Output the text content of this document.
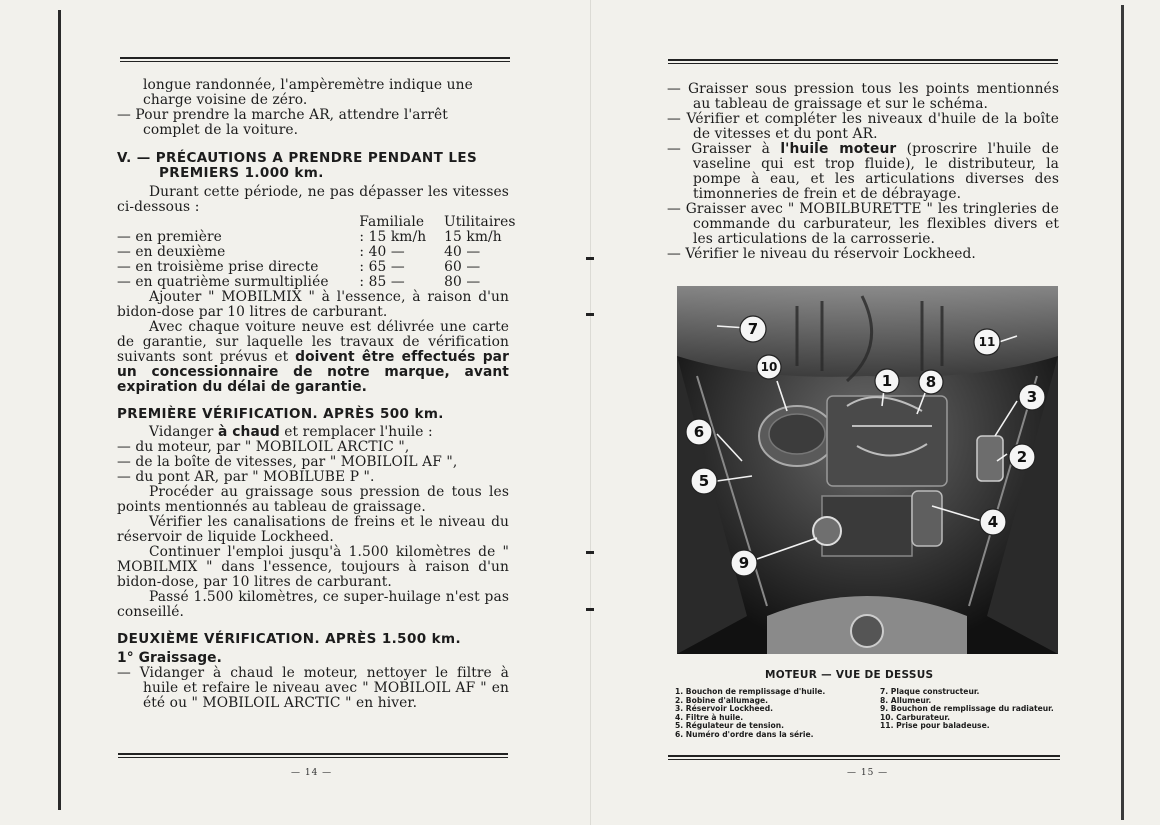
longue randonnée, l'ampèremètre indique une charge voisine de zéro.

— Pour prendre la marche AR, attendre l'arrêt complet de la voiture.

V. — PRÉCAUTIONS A PRENDRE PENDANT LES PREMIERS 1.000 km.

Durant cette période, ne pas dépasser les vitesses ci-dessous :

Familiale	Utilitaires
— en première	: 15 km/h	15 km/h
— en deuxième	: 40 —	40 —
— en troisième prise directe	: 65 —	60 —
— en quatrième surmultipliée	: 85 —	80 —

Ajouter " MOBILMIX " à l'essence, à raison d'un bidon-dose par 10 litres de carburant.

Avec chaque voiture neuve est délivrée une carte de garantie, sur laquelle les travaux de vérification suivants sont prévus et doivent être effectués par un concessionnaire de notre marque, avant expiration du délai de garantie.

PREMIÈRE VÉRIFICATION. APRÈS 500 km.

Vidanger à chaud et remplacer l'huile :

— du moteur, par " MOBILOIL ARCTIC ",

— de la boîte de vitesses, par " MOBILOIL AF ",

— du pont AR, par " MOBILUBE P ".

Procéder au graissage sous pression de tous les points mentionnés au tableau de graissage.

Vérifier les canalisations de freins et le niveau du réservoir de liquide Lockheed.

Continuer l'emploi jusqu'à 1.500 kilomètres de " MOBILMIX " dans l'essence, toujours à raison d'un bidon-dose, par 10 litres de carburant.

Passé 1.500 kilomètres, ce super-huilage n'est pas conseillé.

DEUXIÈME VÉRIFICATION. APRÈS 1.500 km.

1° Graissage.

— Vidanger à chaud le moteur, nettoyer le filtre à huile et refaire le niveau avec " MOBILOIL AF " en été ou " MOBILOIL ARCTIC " en hiver.

— 14 —

— Graisser sous pression tous les points mentionnés au tableau de graissage et sur le schéma.

— Vérifier et compléter les niveaux d'huile de la boîte de vitesses et du pont AR.

— Graisser à l'huile moteur (proscrire l'huile de vaseline qui est trop fluide), le distributeur, la pompe à eau, et les articulations diverses des timonneries de frein et de débrayage.

— Graisser avec " MOBILBURETTE " les tringleries de commande du carburateur, les flexibles divers et les articulations de la carrosserie.

— Vérifier le niveau du réservoir Lockheed.

7
10
1 8
11
3
2
6
5
4
9
MOTEUR — VUE DE DESSUS
1. Bouchon de remplissage d'huile.
2. Bobine d'allumage.
3. Réservoir Lockheed.
4. Filtre à huile.
5. Régulateur de tension.
6. Numéro d'ordre dans la série.
7. Plaque constructeur.
8. Allumeur.
9. Bouchon de remplissage du radiateur.
10. Carburateur.
11. Prise pour baladeuse.
— 15 —
